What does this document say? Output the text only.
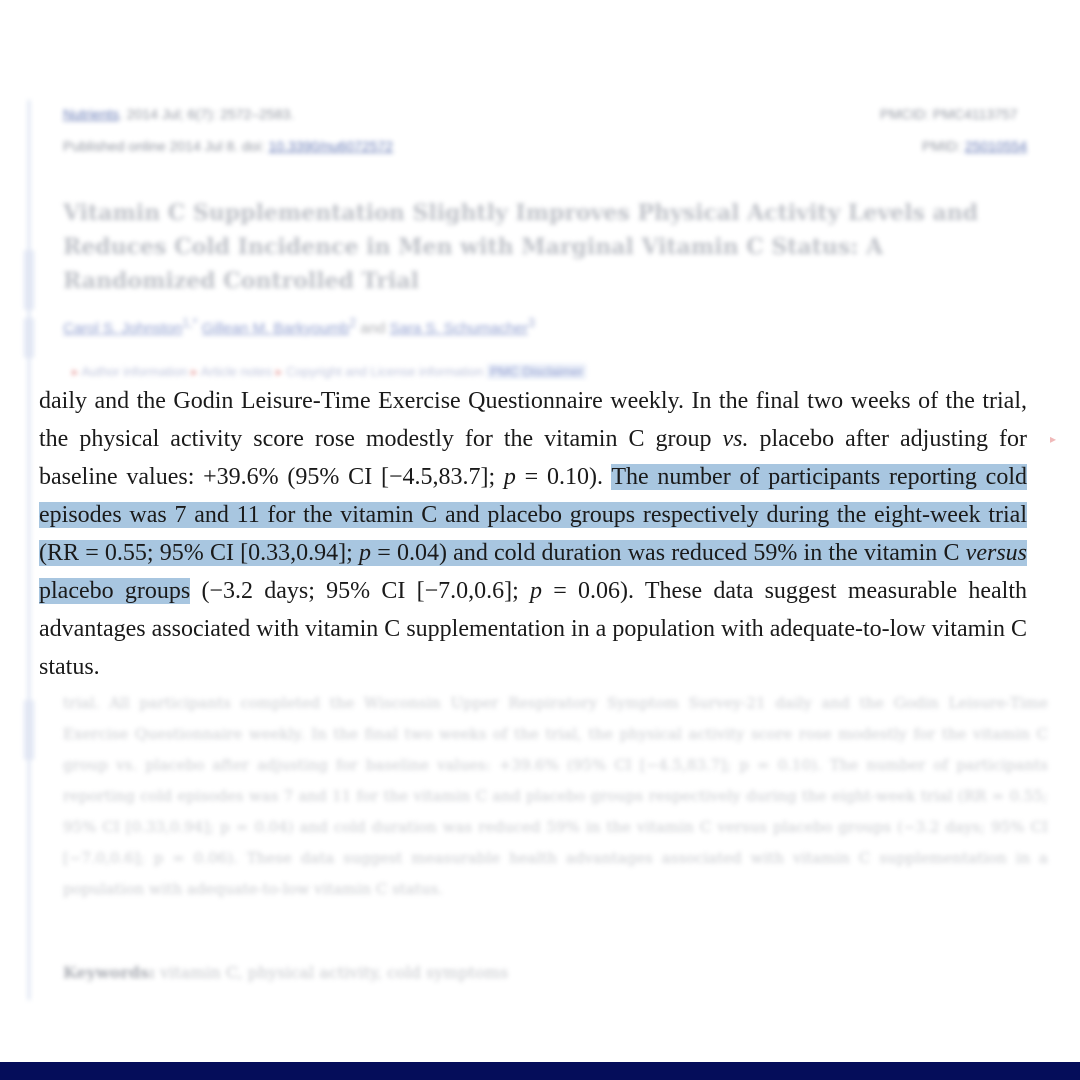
Nutrients. 2014 Jul; 6(7): 2572–2583.
Published online 2014 Jul 8. doi: 10.3390/nu6072572
PMCID: PMC4113757
PMID: 25010554
Vitamin C Supplementation Slightly Improves Physical Activity Levels and Reduces Cold Incidence in Men with Marginal Vitamin C Status: A Randomized Controlled Trial
Carol S. Johnston$^{1,*}$ Gillean M. Barkyoumb$^2$ and Sara S. Schumacher$^3$
▸ Author information ▸ Article notes ▸ Copyright and License information PMC Disclaimer
trial. All participants completed the Wisconsin Upper Respiratory Symptom Survey-21 daily and the Godin Leisure-Time Exercise Questionnaire weekly. In the final two weeks of the trial, the physical activity score rose modestly for the vitamin C group vs. placebo after adjusting for baseline values: +39.6% (95% CI [−4.5,83.7]; p = 0.10). The number of participants reporting cold episodes was 7 and 11 for the vitamin C and placebo groups respectively during the eight-week trial (RR = 0.55; 95% CI [0.33,0.94]; p = 0.04) and cold duration was reduced 59% in the vitamin C versus placebo groups (−3.2 days; 95% CI [−7.0,0.6]; p = 0.06). These data suggest measurable health advantages associated with vitamin C supplementation in a population with adequate-to-low vitamin C status.
Keywords: vitamin C, physical activity, cold symptoms
daily and the Godin Leisure-Time Exercise Questionnaire weekly. In the final two weeks of the trial, the physical activity score rose modestly for the vitamin C group vs. placebo after adjusting for baseline values: +39.6% (95% CI [−4.5,83.7]; p = 0.10). The number of participants reporting cold episodes was 7 and 11 for the vitamin C and placebo groups respectively during the eight-week trial (RR = 0.55; 95% CI [0.33,0.94]; p = 0.04) and cold duration was reduced 59% in the vitamin C versus placebo groups (−3.2 days; 95% CI [−7.0,0.6]; p = 0.06). These data suggest measurable health advantages associated with vitamin C supplementation in a population with adequate-to-low vitamin C status.
▸
